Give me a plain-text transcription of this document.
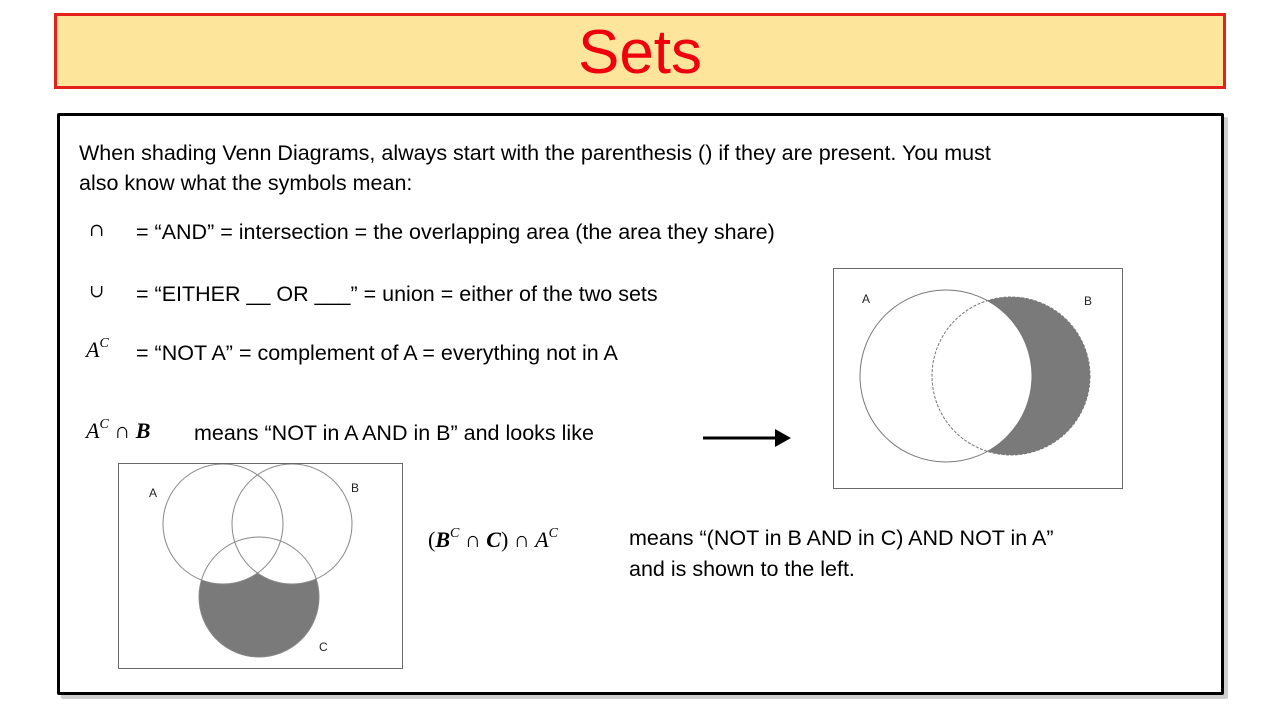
Sets
When shading Venn Diagrams, always start with the parenthesis () if they are present. You must
also know what the symbols mean:
∩ = “AND” = intersection = the overlapping area (the area they share)
∪ = “EITHER __ OR ___” = union = either of the two sets
$A^C$ = “NOT A” = complement of A = everything not in A
$A^C$ ∩ B means “NOT in A AND in B” and looks like
A	B
A	B
C
($B^C$ ∩ C) ∩ $A^C$	means “(NOT in B AND in C) AND NOT in A”
and is shown to the left.
